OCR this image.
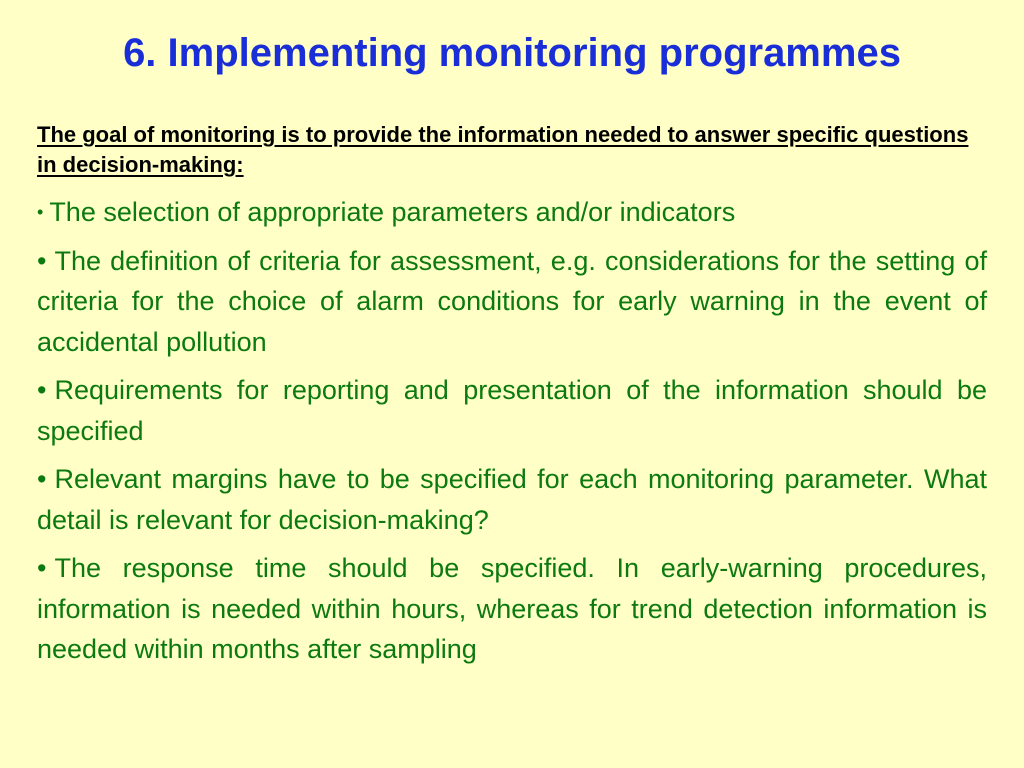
6. Implementing monitoring programmes

The goal of monitoring is to provide the information needed to answer specific questions in decision-making:

• The selection of appropriate parameters and/or indicators
• The definition of criteria for assessment, e.g. considerations for the setting of criteria for the choice of alarm conditions for early warning in the event of accidental pollution
• Requirements for reporting and presentation of the information should be specified
• Relevant margins have to be specified for each monitoring parameter. What detail is relevant for decision-making?
• The response time should be specified. In early-warning procedures, information is needed within hours, whereas for trend detection information is needed within months after sampling
